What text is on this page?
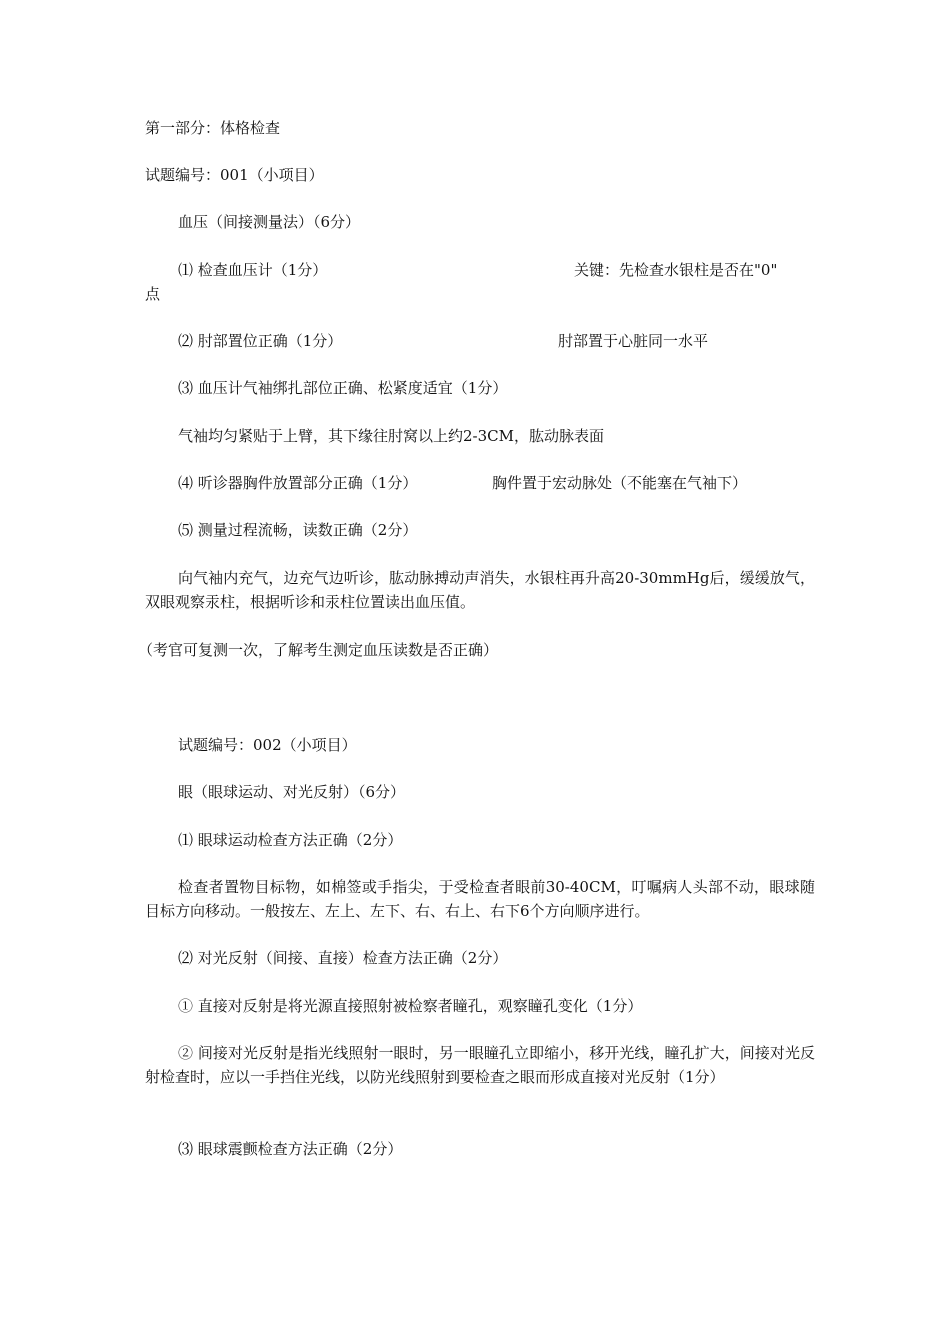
第一部分：体格检查

试题编号：001（小项目）

血压（间接测量法）（6分）

⑴ 检查血压计（1分）	关键：先检查水银柱是否在"0"

点

⑵ 肘部置位正确（1分）	肘部置于心脏同一水平

⑶ 血压计气袖绑扎部位正确、松紧度适宜（1分）

气袖均匀紧贴于上臂，其下缘往肘窝以上约2-3CM，肱动脉表面

⑷ 听诊器胸件放置部分正确（1分）	胸件置于宏动脉处（不能塞在气袖下）

⑸ 测量过程流畅，读数正确（2分）

向气袖内充气，边充气边听诊，肱动脉搏动声消失，水银柱再升高20-30mmHg后，缓缓放气，双眼观察汞柱，根据听诊和汞柱位置读出血压值。

（考官可复测一次，了解考生测定血压读数是否正确）

试题编号：002（小项目）

眼（眼球运动、对光反射）（6分）

⑴ 眼球运动检查方法正确（2分）

检查者置物目标物，如棉签或手指尖，于受检查者眼前30-40CM，叮嘱病人头部不动，眼球随目标方向移动。一般按左、左上、左下、右、右上、右下6个方向顺序进行。

⑵ 对光反射（间接、直接）检查方法正确（2分）

① 直接对反射是将光源直接照射被检察者瞳孔，观察瞳孔变化（1分）

② 间接对光反射是指光线照射一眼时，另一眼瞳孔立即缩小，移开光线，瞳孔扩大，间接对光反射检查时，应以一手挡住光线，以防光线照射到要检查之眼而形成直接对光反射（1分）

⑶ 眼球震颤检查方法正确（2分）
